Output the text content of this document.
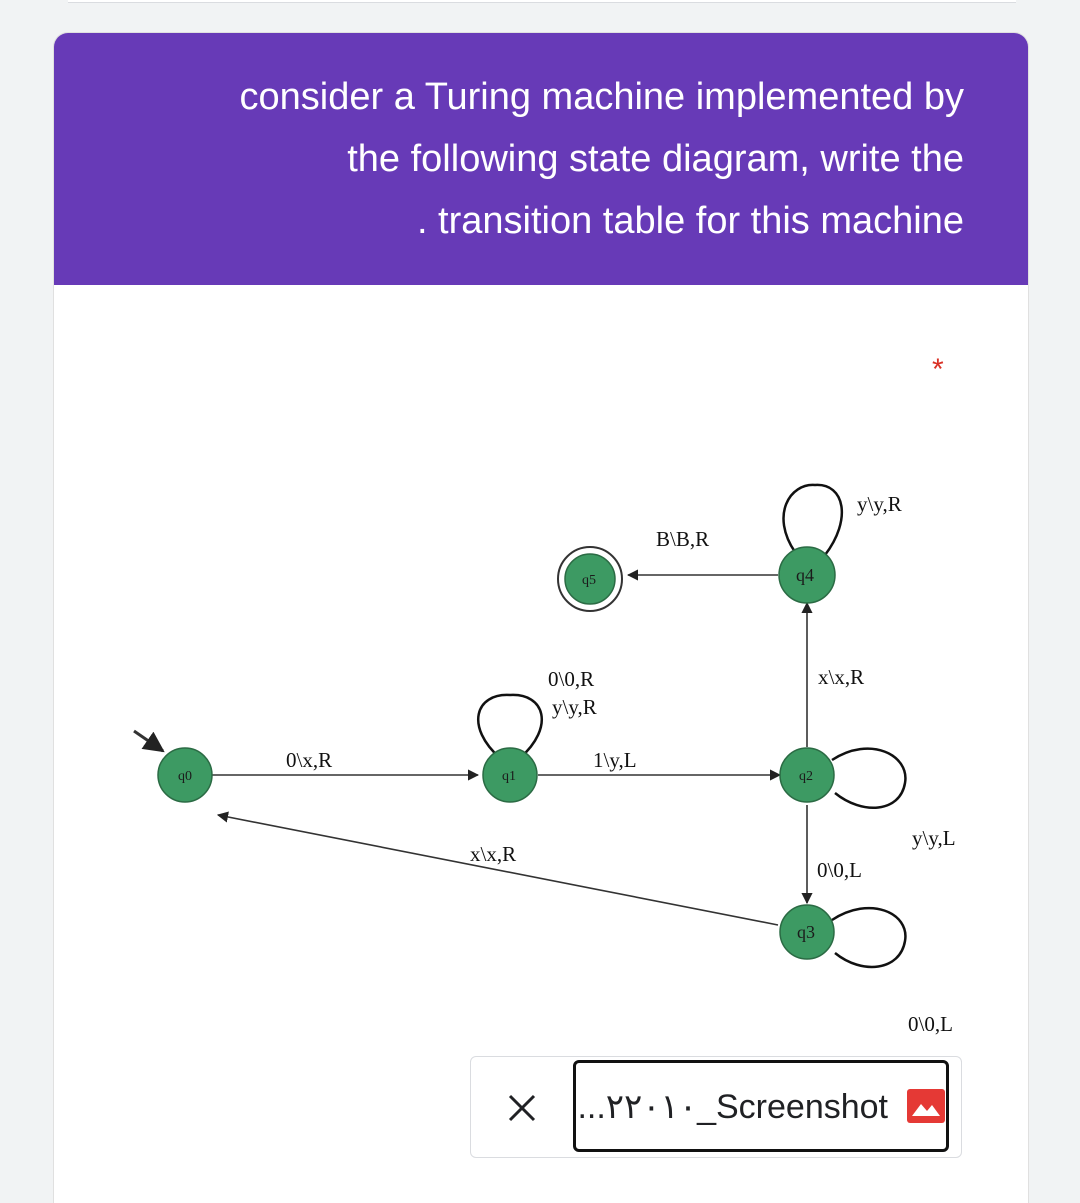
consider a Turing machine implemented by
the following state diagram, write the
. transition table for this machine
*
q0	q1	q2
q3
q4
q5
0\x,R
0\0,R
y\y,R
1\y,L
x\x,R
y\y,R
B\B,R
y\y,L
0\0,L
x\x,R
0\0,L
...۲۲۰۱۰_Screenshot
